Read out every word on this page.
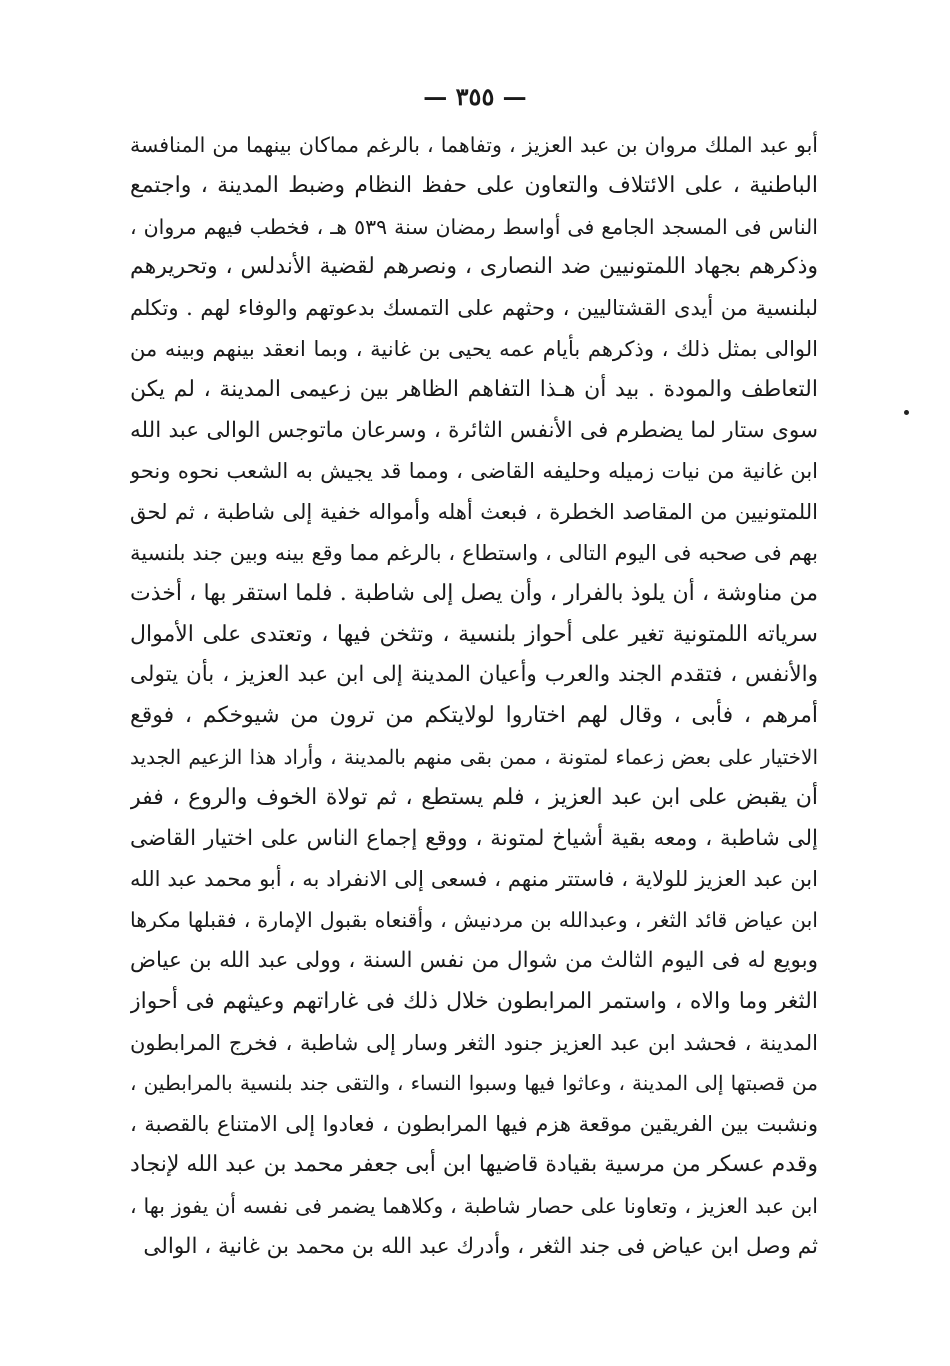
— ٣٥٥ —
أبو عبد الملك مروان بن عبد العزيز ، وتفاهما ، بالرغم مماكان بينهما من المنافسة
الباطنية ، على الائتلاف والتعاون على حفظ النظام وضبط المدينة ، واجتمع
الناس فى المسجد الجامع فى أواسط رمضان سنة ٥٣٩ هـ ، فخطب فيهم مروان ،
وذكرهم بجهاد اللمتونيين ضد النصارى ، ونصرهم لقضية الأندلس ، وتحريرهم
لبلنسية من أيدى القشتاليين ، وحثهم على التمسك بدعوتهم والوفاء لهم . وتكلم
الوالى بمثل ذلك ، وذكرهم بأيام عمه يحيى بن غانية ، وبما انعقد بينهم وبينه من
التعاطف والمودة . بيد أن هـذا التفاهم الظاهر بين زعيمى المدينة ، لم يكن
سوى ستار لما يضطرم فى الأنفس الثائرة ، وسرعان ماتوجس الوالى عبد الله
ابن غانية من نيات زميله وحليفه القاضى ، ومما قد يجيش به الشعب نحوه ونحو
اللمتونيين من المقاصد الخطرة ، فبعث أهله وأمواله خفية إلى شاطبة ، ثم لحق
بهم فى صحبه فى اليوم التالى ، واستطاع ، بالرغم مما وقع بينه وبين جند بلنسية
من مناوشة ، أن يلوذ بالفرار ، وأن يصل إلى شاطبة . فلما استقر بها ، أخذت
سرياته اللمتونية تغير على أحواز بلنسية ، وتثخن فيها ، وتعتدى على الأموال
والأنفس ، فتقدم الجند والعرب وأعيان المدينة إلى ابن عبد العزيز ، بأن يتولى
أمرهم ، فأبى ، وقال لهم اختاروا لولايتكم من ترون من شيوخكم ، فوقع
الاختيار على بعض زعماء لمتونة ، ممن بقى منهم بالمدينة ، وأراد هذا الزعيم الجديد
أن يقبض على ابن عبد العزيز ، فلم يستطع ، ثم تولاة الخوف والروع ، ففر
إلى شاطبة ، ومعه بقية أشياخ لمتونة ، ووقع إجماع الناس على اختيار القاضى
ابن عبد العزيز للولاية ، فاستتر منهم ، فسعى إلى الانفراد به ، أبو محمد عبد الله
ابن عياض قائد الثغر ، وعبدالله بن مردنيش ، وأقنعاه بقبول الإمارة ، فقبلها مكرها
وبويع له فى اليوم الثالث من شوال من نفس السنة ، وولى عبد الله بن عياض
الثغر وما والاه ، واستمر المرابطون خلال ذلك فى غاراتهم وعيثهم فى أحواز
المدينة ، فحشد ابن عبد العزيز جنود الثغر وسار إلى شاطبة ، فخرج المرابطون
من قصبتها إلى المدينة ، وعاثوا فيها وسبوا النساء ، والتقى جند بلنسية بالمرابطين ،
ونشبت بين الفريقين موقعة هزم فيها المرابطون ، فعادوا إلى الامتناع بالقصبة ،
وقدم عسكر من مرسية بقيادة قاضيها ابن أبى جعفر محمد بن عبد الله لإنجاد
ابن عبد العزيز ، وتعاونا على حصار شاطبة ، وكلاهما يضمر فى نفسه أن يفوز بها ،
ثم وصل ابن عياض فى جند الثغر ، وأدرك عبد الله بن محمد بن غانية ، الوالى
